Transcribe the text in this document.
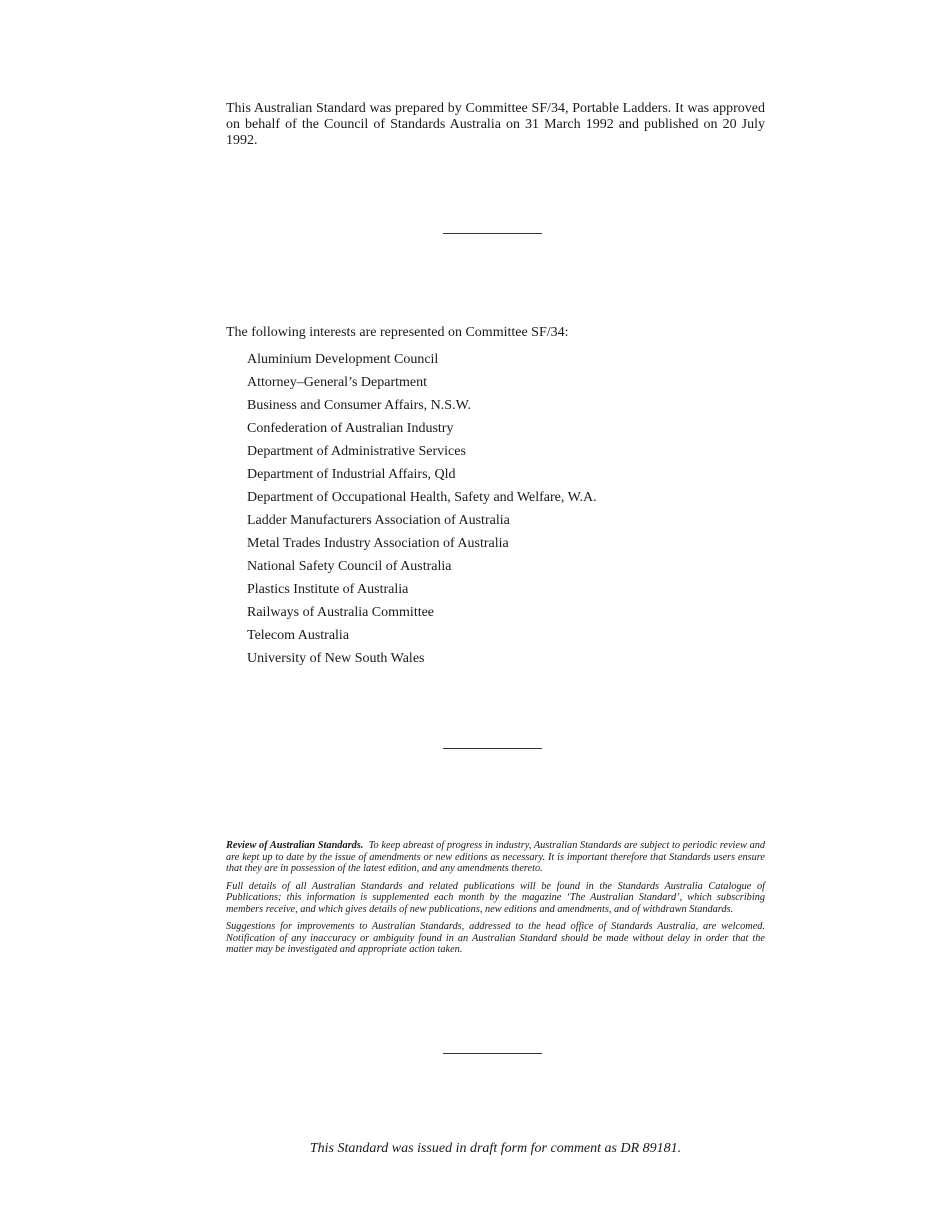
This Australian Standard was prepared by Committee SF/34, Portable Ladders. It was approved on behalf of the Council of Standards Australia on 31 March 1992 and published on 20 July 1992.

The following interests are represented on Committee SF/34:

Aluminium Development Council
Attorney–General’s Department
Business and Consumer Affairs, N.S.W.
Confederation of Australian Industry
Department of Administrative Services
Department of Industrial Affairs, Qld
Department of Occupational Health, Safety and Welfare, W.A.
Ladder Manufacturers Association of Australia
Metal Trades Industry Association of Australia
National Safety Council of Australia
Plastics Institute of Australia
Railways of Australia Committee
Telecom Australia
University of New South Wales

Review of Australian Standards. To keep abreast of progress in industry, Australian Standards are subject to periodic review and are kept up to date by the issue of amendments or new editions as necessary. It is important therefore that Standards users ensure that they are in possession of the latest edition, and any amendments thereto.

Full details of all Australian Standards and related publications will be found in the Standards Australia Catalogue of Publications; this information is supplemented each month by the magazine ‘The Australian Standard’, which subscribing members receive, and which gives details of new publications, new editions and amendments, and of withdrawn Standards.

Suggestions for improvements to Australian Standards, addressed to the head office of Standards Australia, are welcomed. Notification of any inaccuracy or ambiguity found in an Australian Standard should be made without delay in order that the matter may be investigated and appropriate action taken.

This Standard was issued in draft form for comment as DR 89181.
